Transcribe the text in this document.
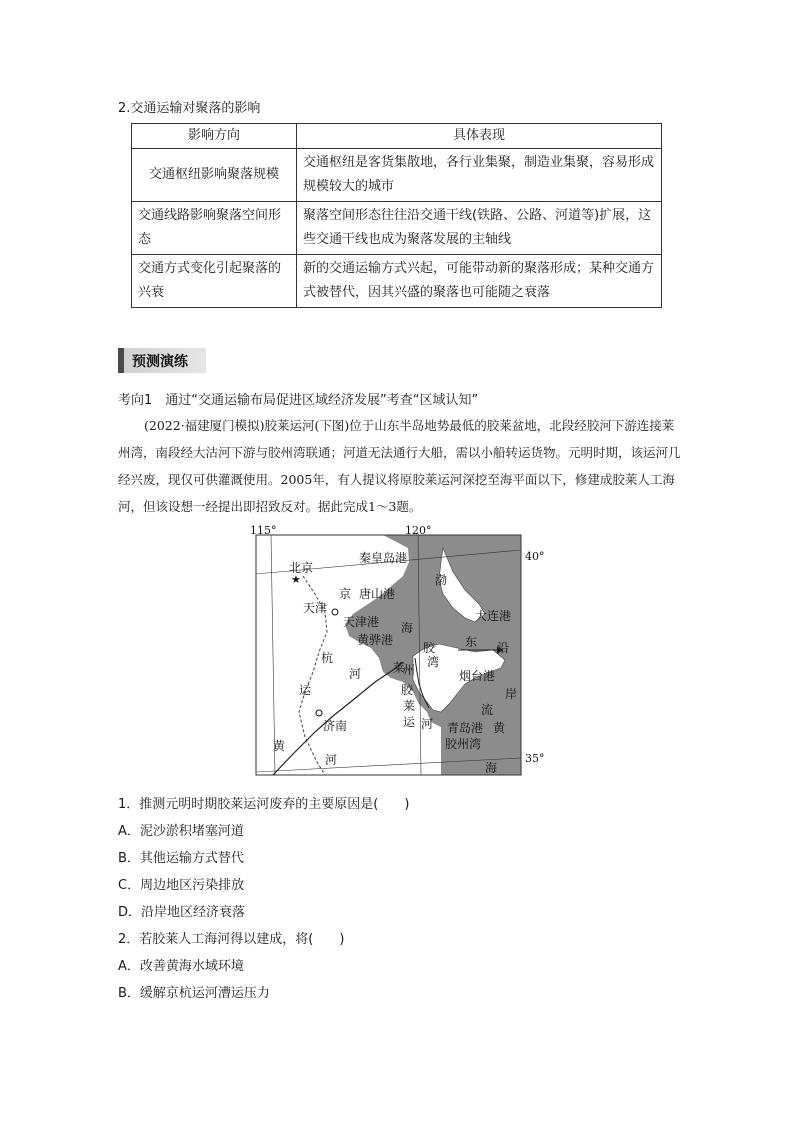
2.交通运输对聚落的影响
影响方向	具体表现
交通枢纽影响聚落规模	交通枢纽是客货集散地，各行业集聚，制造业集聚，容易形成规模较大的城市
交通线路影响聚落空间形态	聚落空间形态往往沿交通干线(铁路、公路、河道等)扩展，这些交通干线也成为聚落发展的主轴线
交通方式变化引起聚落的兴衰	新的交通运输方式兴起，可能带动新的聚落形成；某种交通方式被替代，因其兴盛的聚落也可能随之衰落
预测演练
考向1　通过“交通运输布局促进区域经济发展”考查“区域认知”
(2022·福建厦门模拟)胶莱运河(下图)位于山东半岛地势最低的胶莱盆地，北段经胶河下游连接莱州湾，南段经大沽河下游与胶州湾联通；河道无法通行大船，需以小船转运货物。元明时期，该运河几经兴废，现仅可供灌溉使用。2005年，有人提议将原胶莱运河深挖至海平面以下，修建成胶莱人工海河，但该设想一经提出即招致反对。据此完成1～3题。
★
115°	120°
40°
35°
北京
秦皇岛港
天津
京 唐山港
天津港
黄骅港
渤
海
大连港
东 沿
杭
河
胶
州
湾
莱
烟台港
运
济南
胶
莱
运 河
岸
流
青岛港 黄
胶州湾
黄
河
海
1．推测元明时期胶莱运河废弃的主要原因是(　　)
A．泥沙淤积堵塞河道
B．其他运输方式替代
C．周边地区污染排放
D．沿岸地区经济衰落
2．若胶莱人工海河得以建成，将(　　)
A．改善黄海水域环境
B．缓解京杭运河漕运压力
